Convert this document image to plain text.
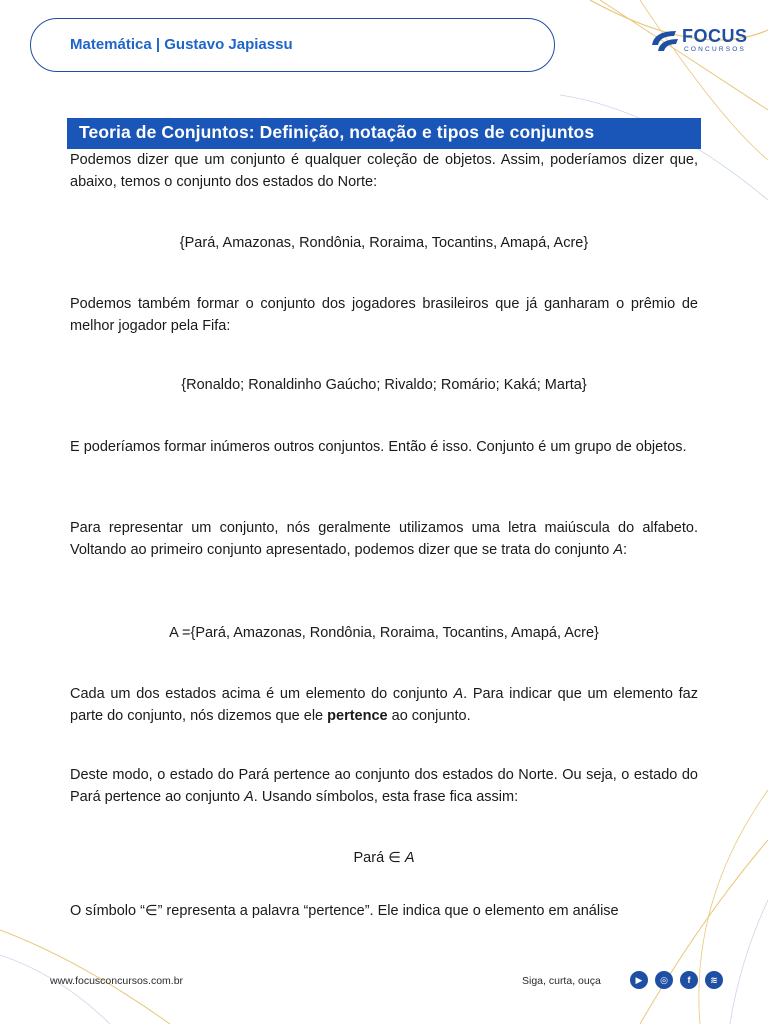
Matemática | Gustavo Japiassu	FOCUS
CONCURSOS
Teoria de Conjuntos: Definição, notação e tipos de conjuntos

Podemos dizer que um conjunto é qualquer coleção de objetos. Assim, poderíamos dizer que, abaixo, temos o conjunto dos estados do Norte:

{Pará, Amazonas, Rondônia, Roraima, Tocantins, Amapá, Acre}

Podemos também formar o conjunto dos jogadores brasileiros que já ganharam o prêmio de melhor jogador pela Fifa:

{Ronaldo; Ronaldinho Gaúcho; Rivaldo; Romário; Kaká; Marta}

E poderíamos formar inúmeros outros conjuntos. Então é isso. Conjunto é um grupo de objetos.

Para representar um conjunto, nós geralmente utilizamos uma letra maiúscula do alfabeto. Voltando ao primeiro conjunto apresentado, podemos dizer que se trata do conjunto A:

A ={Pará, Amazonas, Rondônia, Roraima, Tocantins, Amapá, Acre}

Cada um dos estados acima é um elemento do conjunto A. Para indicar que um elemento faz parte do conjunto, nós dizemos que ele pertence ao conjunto.

Deste modo, o estado do Pará pertence ao conjunto dos estados do Norte. Ou seja, o estado do Pará pertence ao conjunto A. Usando símbolos, esta frase fica assim:

Pará ∈ A

O símbolo “∈” representa a palavra “pertence”. Ele indica que o elemento em análise

www.focusconcursos.com.br	Siga, curta, ouça	▶	◎	f	≋
